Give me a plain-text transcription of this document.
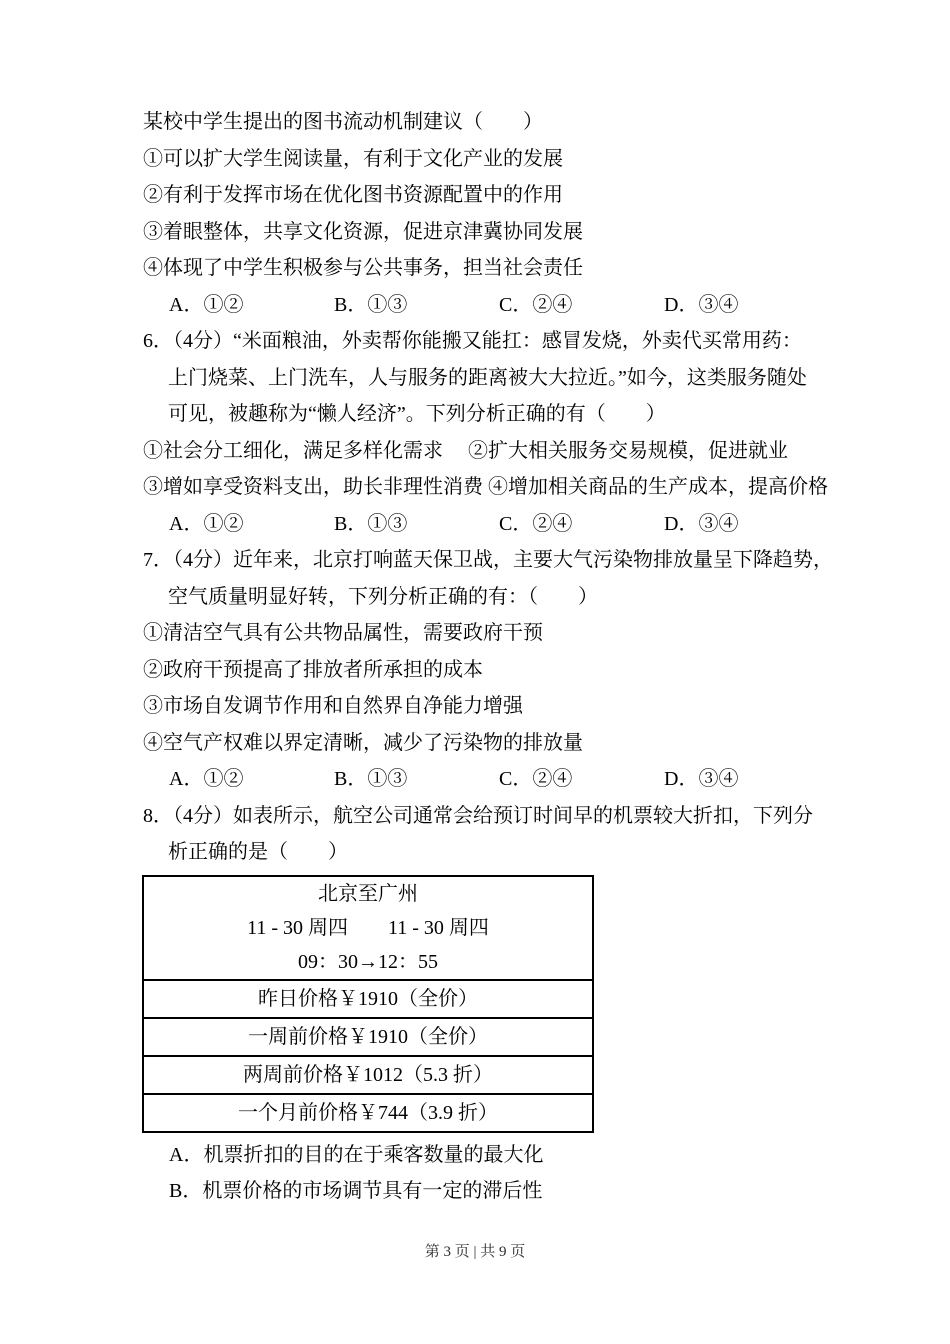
某校中学生提出的图书流动机制建议（　　）
①可以扩大学生阅读量，有利于文化产业的发展
②有利于发挥市场在优化图书资源配置中的作用
③着眼整体，共享文化资源，促进京津冀协同发展
④体现了中学生积极参与公共事务，担当社会责任
A．①②	B．①③	C．②④	D．③④
6．（4分）“米面粮油，外卖帮你能搬又能扛：感冒发烧，外卖代买常用药：
上门烧菜、上门洗车，人与服务的距离被大大拉近。”如今，这类服务随处
可见，被趣称为“懒人经济”。下列分析正确的有（　　）
①社会分工细化，满足多样化需求　 ②扩大相关服务交易规模，促进就业
③增如享受资料支出，助长非理性消费 ④增加相关商品的生产成本，提高价格
A．①②	B．①③	C．②④	D．③④
7．（4分）近年来，北京打响蓝天保卫战，主要大气污染物排放量呈下降趋势，
空气质量明显好转，下列分析正确的有：（　　）
①清洁空气具有公共物品属性，需要政府干预
②政府干预提高了排放者所承担的成本
③市场自发调节作用和自然界自净能力增强
④空气产权难以界定清晰，减少了污染物的排放量
A．①②	B．①③	C．②④	D．③④
8．（4分）如表所示，航空公司通常会给预订时间早的机票较大折扣，下列分
析正确的是（　　）
北京至广州
11 - 30 周四　　11 - 30 周四
09：30→12：55

昨日价格￥1910（全价）
一周前价格￥1910（全价）
两周前价格￥1012（5.3 折）
一个月前价格￥744（3.9 折）
A．机票折扣的目的在于乘客数量的最大化
B．机票价格的市场调节具有一定的滞后性
第 3 页 | 共 9 页
